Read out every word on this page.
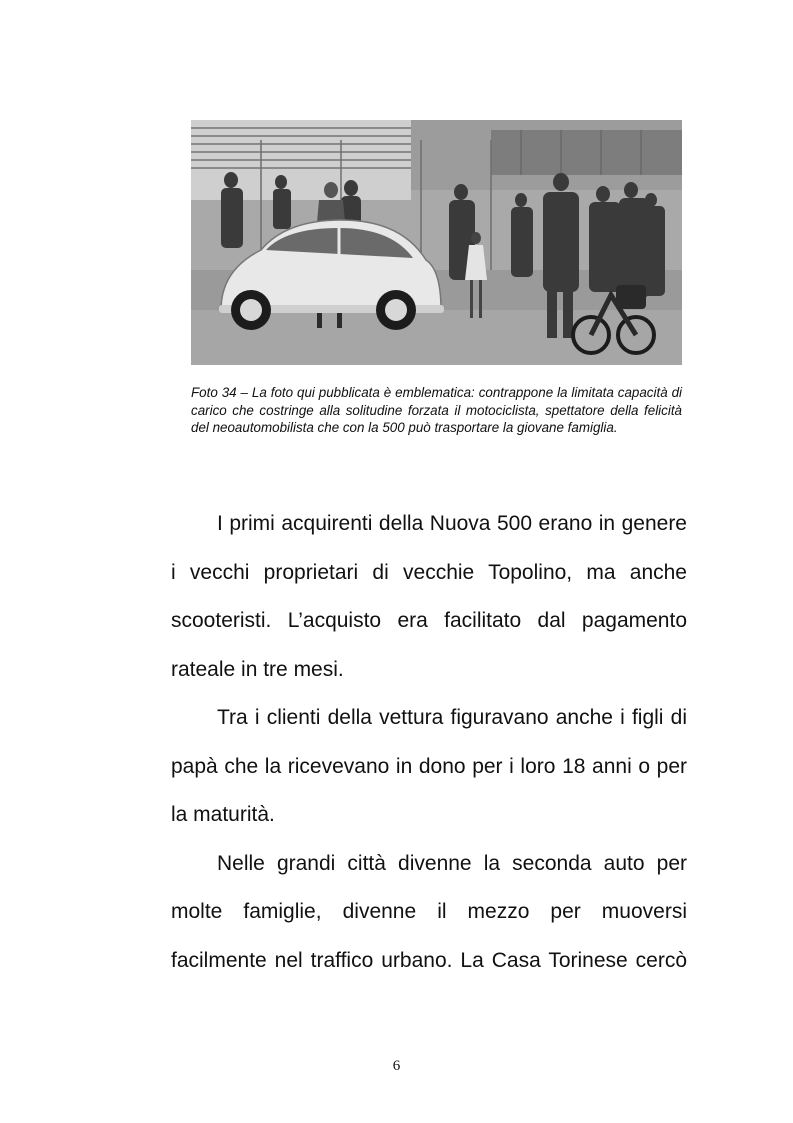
Foto 34 – La foto qui pubblicata è emblematica: contrappone la limitata capacità di carico che costringe alla solitudine forzata il motociclista, spettatore della felicità del neoautomobilista che con la 500 può trasportare la giovane famiglia.

I primi acquirenti della Nuova 500 erano in genere i vecchi proprietari di vecchie Topolino, ma anche scooteristi. L’acquisto era facilitato dal pagamento rateale in tre mesi.

Tra i clienti della vettura figuravano anche i figli di papà che la ricevevano in dono per i loro 18 anni o per la maturità.

Nelle grandi città divenne la seconda auto per molte famiglie, divenne il mezzo per muoversi facilmente nel traffico urbano. La Casa Torinese cercò

6
